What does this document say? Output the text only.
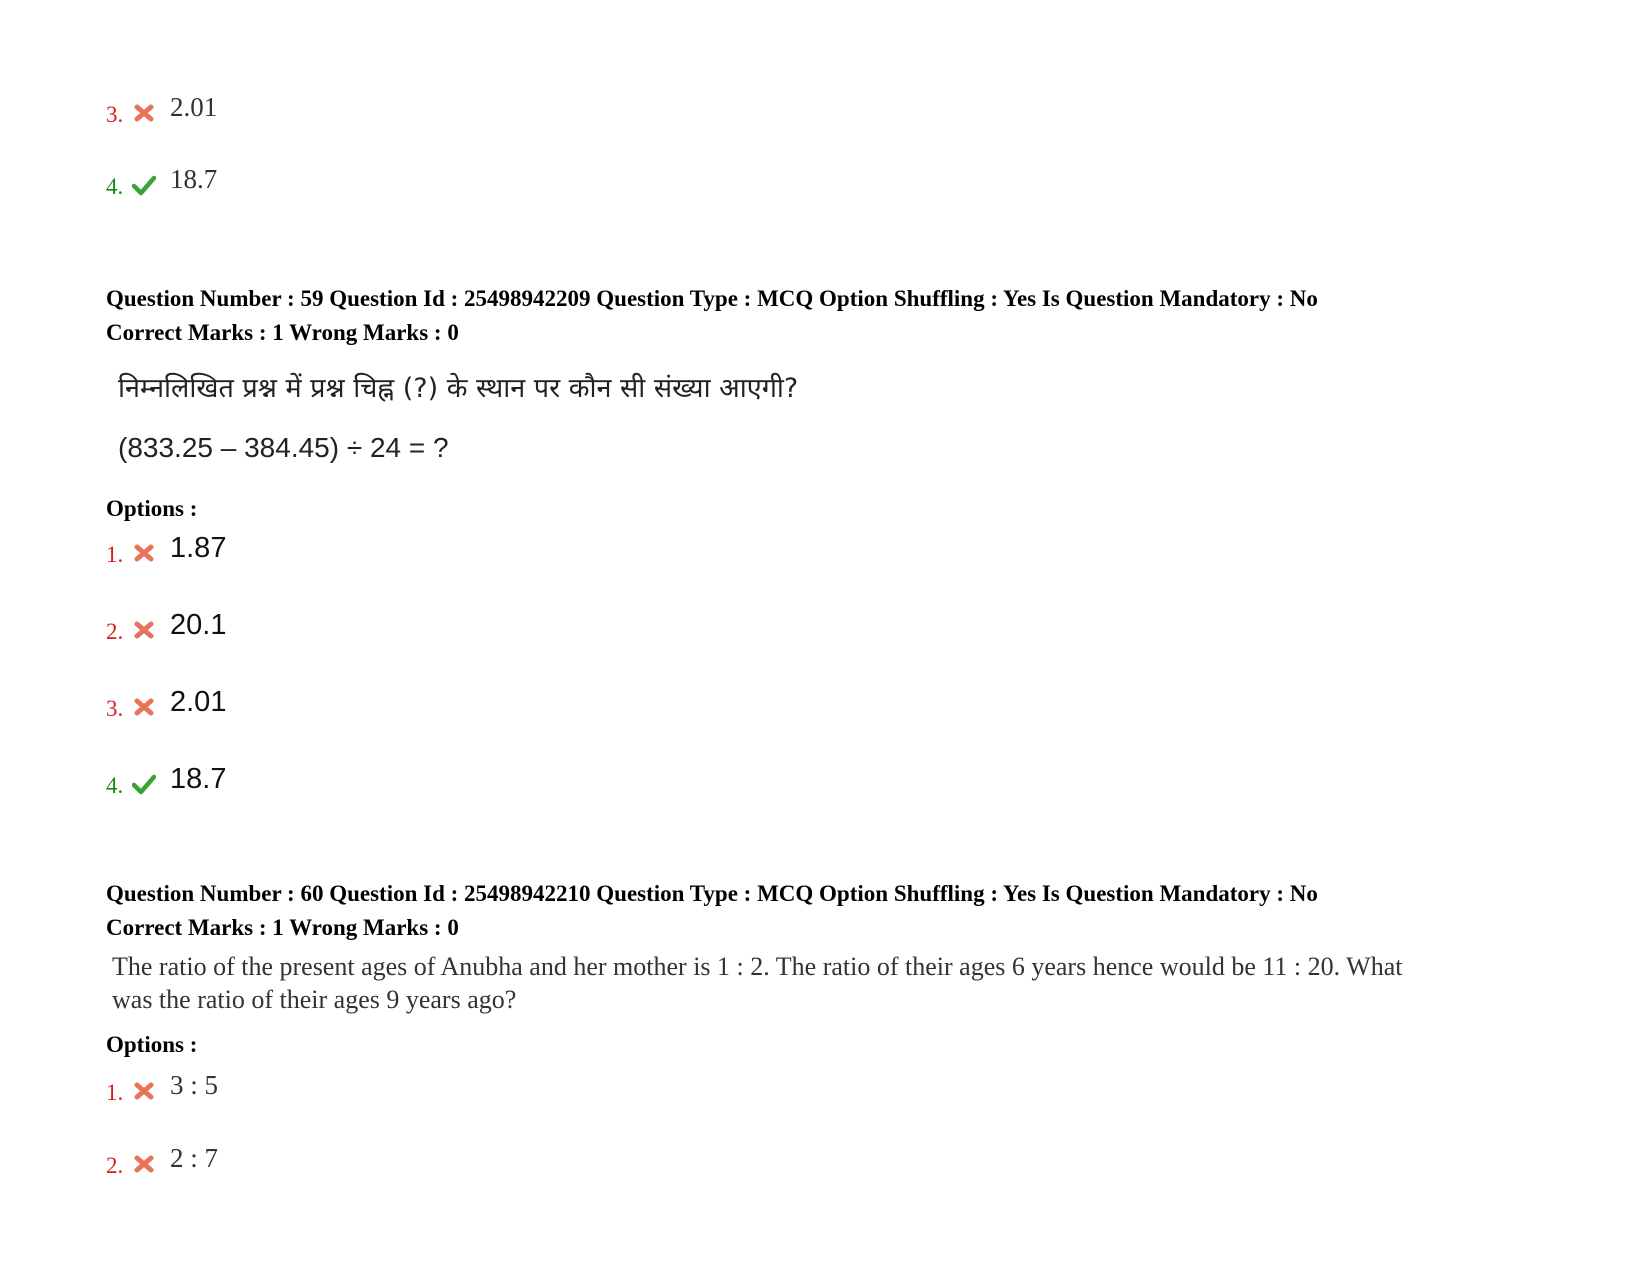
3. 2.01
4. 18.7
Question Number : 59 Question Id : 25498942209 Question Type : MCQ Option Shuffling : Yes Is Question Mandatory : No
Correct Marks : 1 Wrong Marks : 0
निम्नलिखित प्रश्न में प्रश्न चिह्न (?) के स्थान पर कौन सी संख्या आएगी?
(833.25 – 384.45) ÷ 24 = ?
Options :
1. 1.87
2. 20.1
3. 2.01
4. 18.7
Question Number : 60 Question Id : 25498942210 Question Type : MCQ Option Shuffling : Yes Is Question Mandatory : No
Correct Marks : 1 Wrong Marks : 0
The ratio of the present ages of Anubha and her mother is 1 : 2. The ratio of their ages 6 years hence would be 11 : 20. What was the ratio of their ages 9 years ago?
Options :
1. 3 : 5
2. 2 : 7
